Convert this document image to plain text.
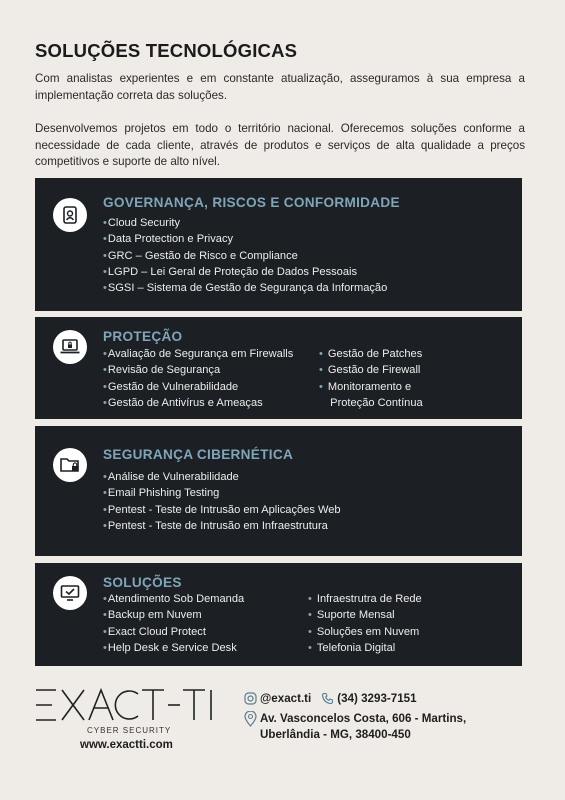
SOLUÇÕES TECNOLÓGICAS
Com analistas experientes e em constante atualização, asseguramos à sua empresa a implementação correta das soluções.
Desenvolvemos projetos em todo o território nacional. Oferecemos soluções conforme a necessidade de cada cliente, através de produtos e serviços de alta qualidade a preços competitivos e suporte de alto nível.
GOVERNANÇA, RISCOS E CONFORMIDADE
• Cloud Security
• Data Protection e Privacy
• GRC – Gestão de Risco e Compliance
• LGPD – Lei Geral de Proteção de Dados Pessoais
• SGSI – Sistema de Gestão de Segurança da Informação
PROTEÇÃO
• Avaliação de Segurança em Firewalls
• Revisão de Segurança
• Gestão de Vulnerabilidade
• Gestão de Antivírus e Ameaças
• Gestão de Patches
• Gestão de Firewall
• Monitoramento e
Proteção Contínua
SEGURANÇA CIBERNÉTICA
• Análise de Vulnerabilidade
• Email Phishing Testing
• Pentest - Teste de Intrusão em Aplicações Web
• Pentest - Teste de Intrusão em Infraestrutura
SOLUÇÕES
• Atendimento Sob Demanda
• Backup em Nuvem
• Exact Cloud Protect
• Help Desk e Service Desk
• Infraestrutra de Rede
• Suporte Mensal
• Soluções em Nuvem
• Telefonia Digital
CYBER SECURITY
www.exactti.com
@exact.ti (34) 3293-7151
Av. Vasconcelos Costa, 606 - Martins,
Uberlândia - MG, 38400-450
